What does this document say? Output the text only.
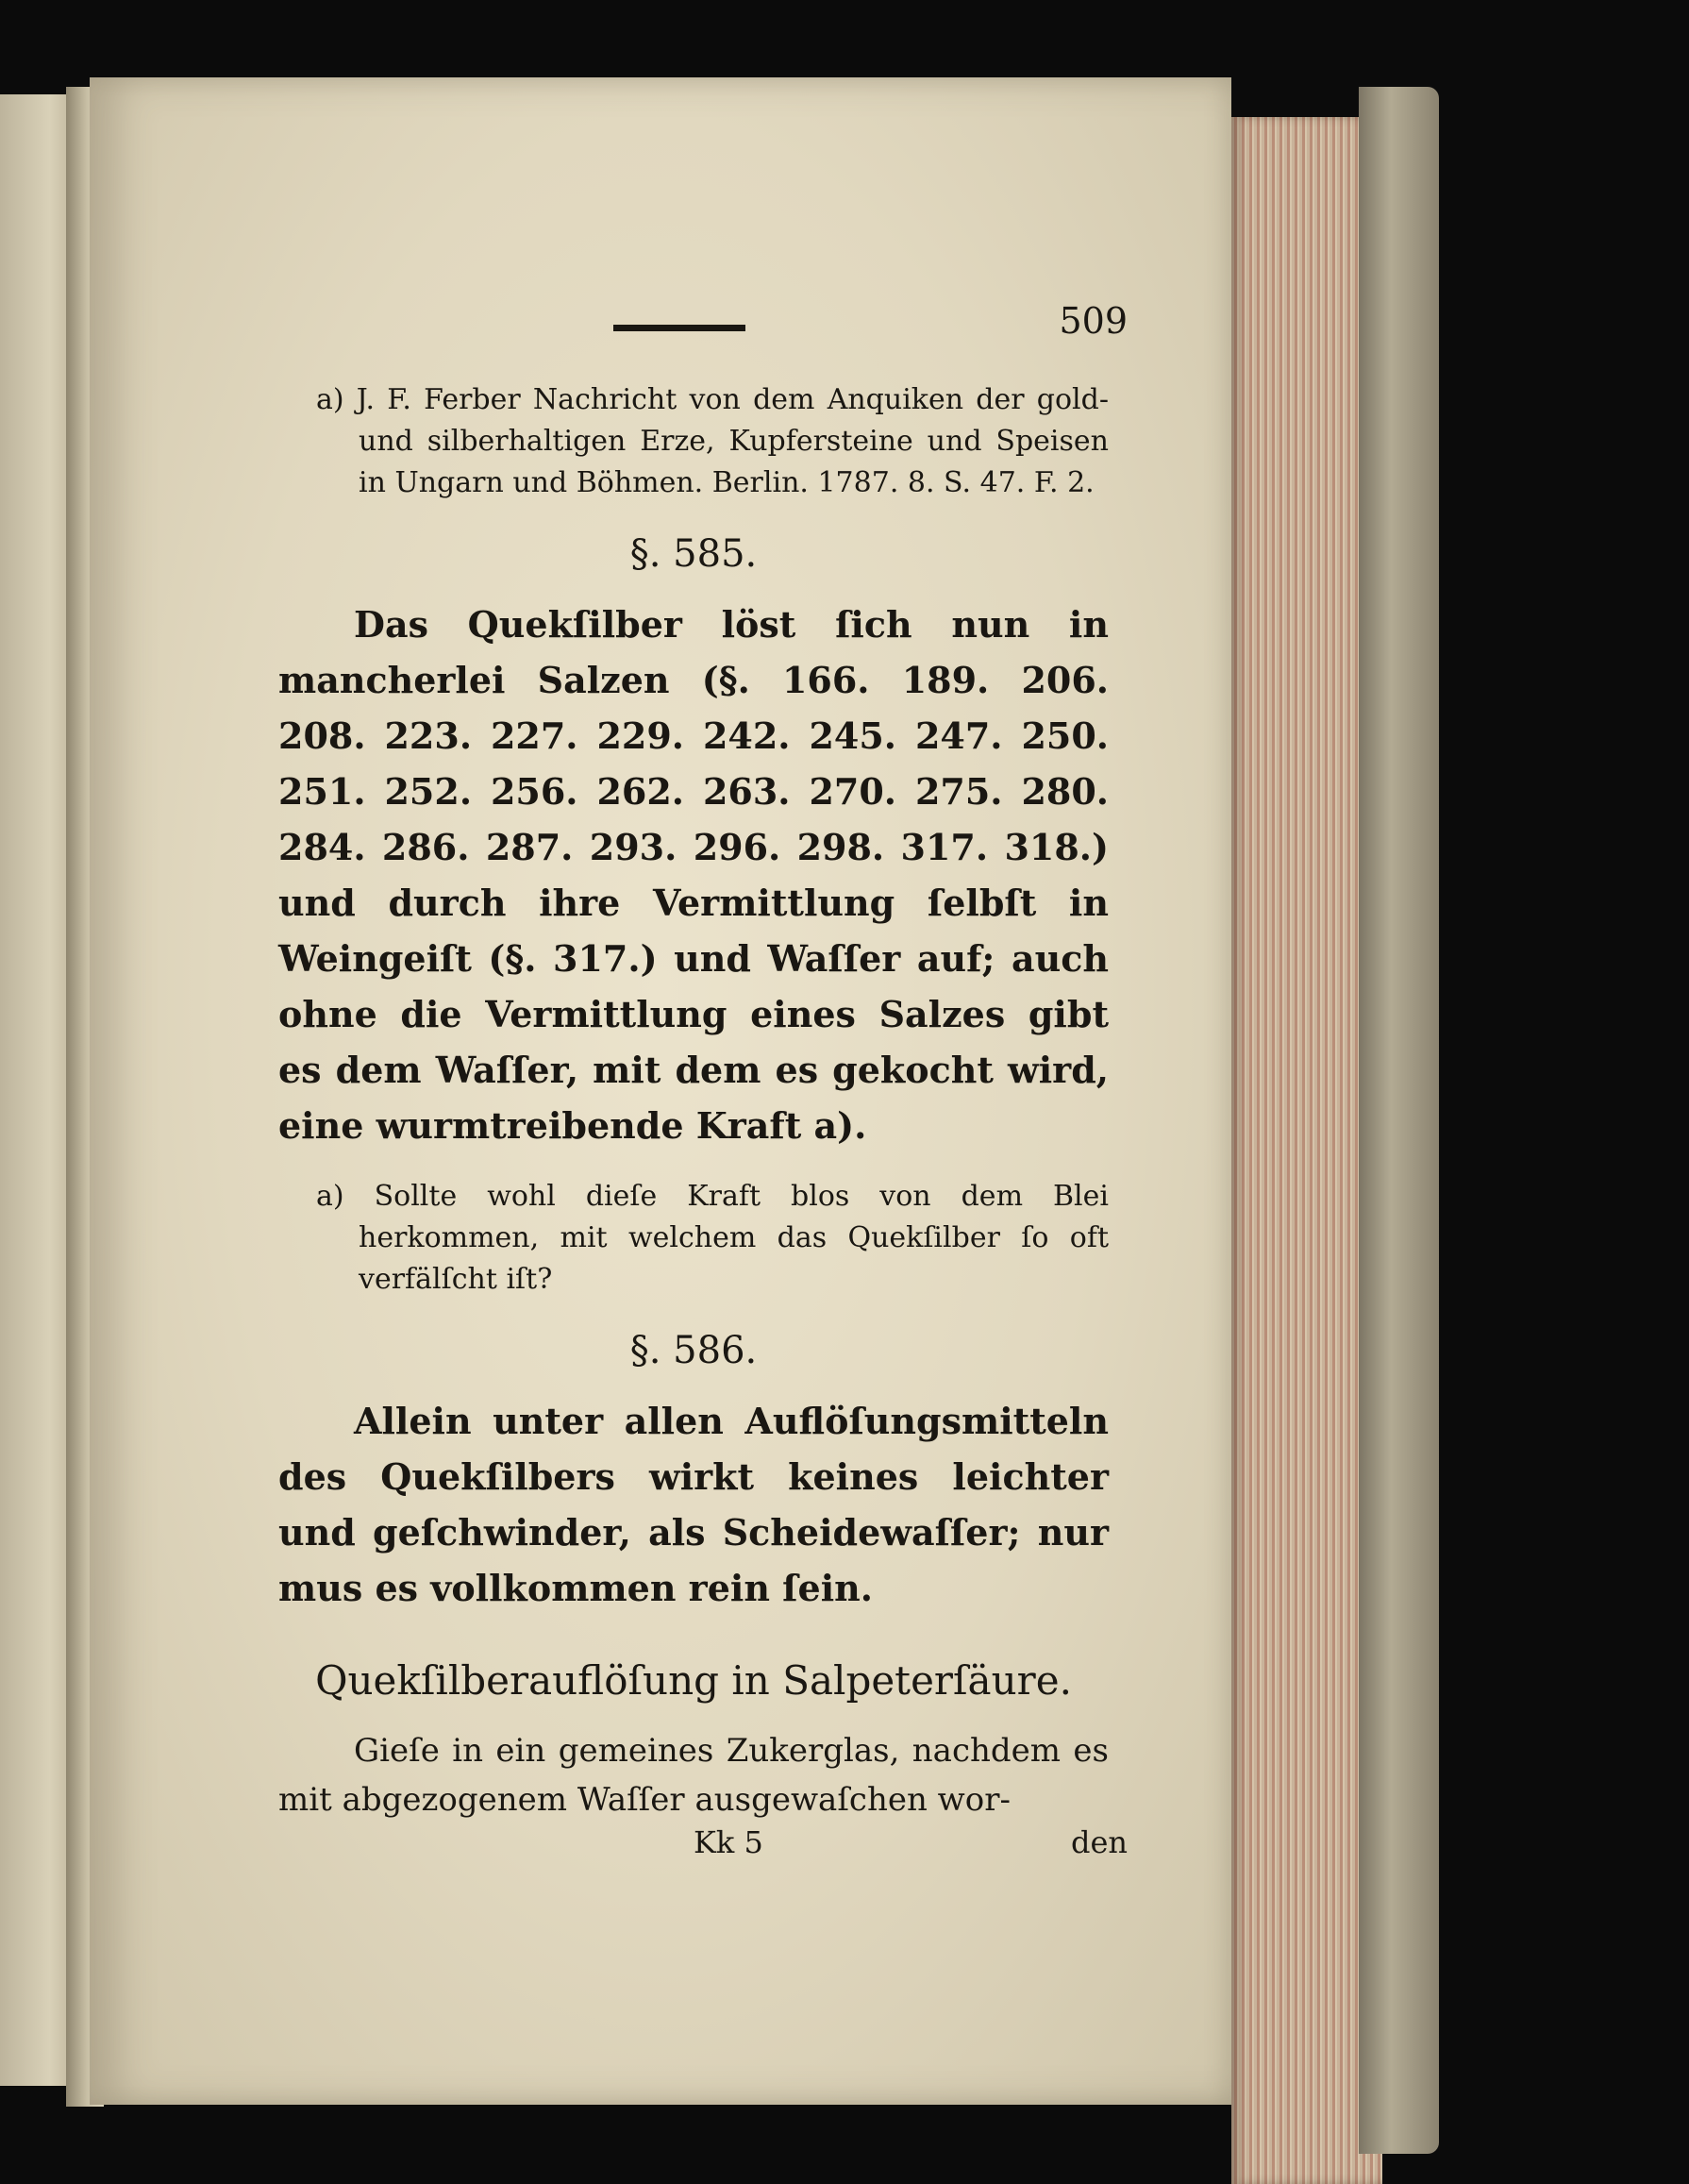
509

a) J. F. Ferber Nachricht von dem Anquiken der gold- und silberhaltigen Erze, Kupfersteine und Speisen in Ungarn und Böhmen. Berlin. 1787. 8. S. 47. F. 2.

§. 585.

Das Quekſilber löst ſich nun in mancherlei Salzen (§. 166. 189. 206. 208. 223. 227. 229. 242. 245. 247. 250. 251. 252. 256. 262. 263. 270. 275. 280. 284. 286. 287. 293. 296. 298. 317. 318.) und durch ihre Vermittlung ſelbſt in Weingeiſt (§. 317.) und Waſſer auf; auch ohne die Vermittlung eines Salzes gibt es dem Waſſer, mit dem es gekocht wird, eine wurmtreibende Kraft a).

a) Sollte wohl dieſe Kraft blos von dem Blei herkommen, mit welchem das Quekſilber ſo oft verfälſcht iſt?

§. 586.

Allein unter allen Auflöſungsmitteln des Quekſilbers wirkt keines leichter und geſchwinder, als Scheidewaſſer; nur mus es vollkommen rein ſein.

Quekſilberauflöſung in Salpeterſäure.

Gieſe in ein gemeines Zukerglas, nachdem es mit abgezogenem Waſſer ausgewaſchen wor-

Kk 5	den
